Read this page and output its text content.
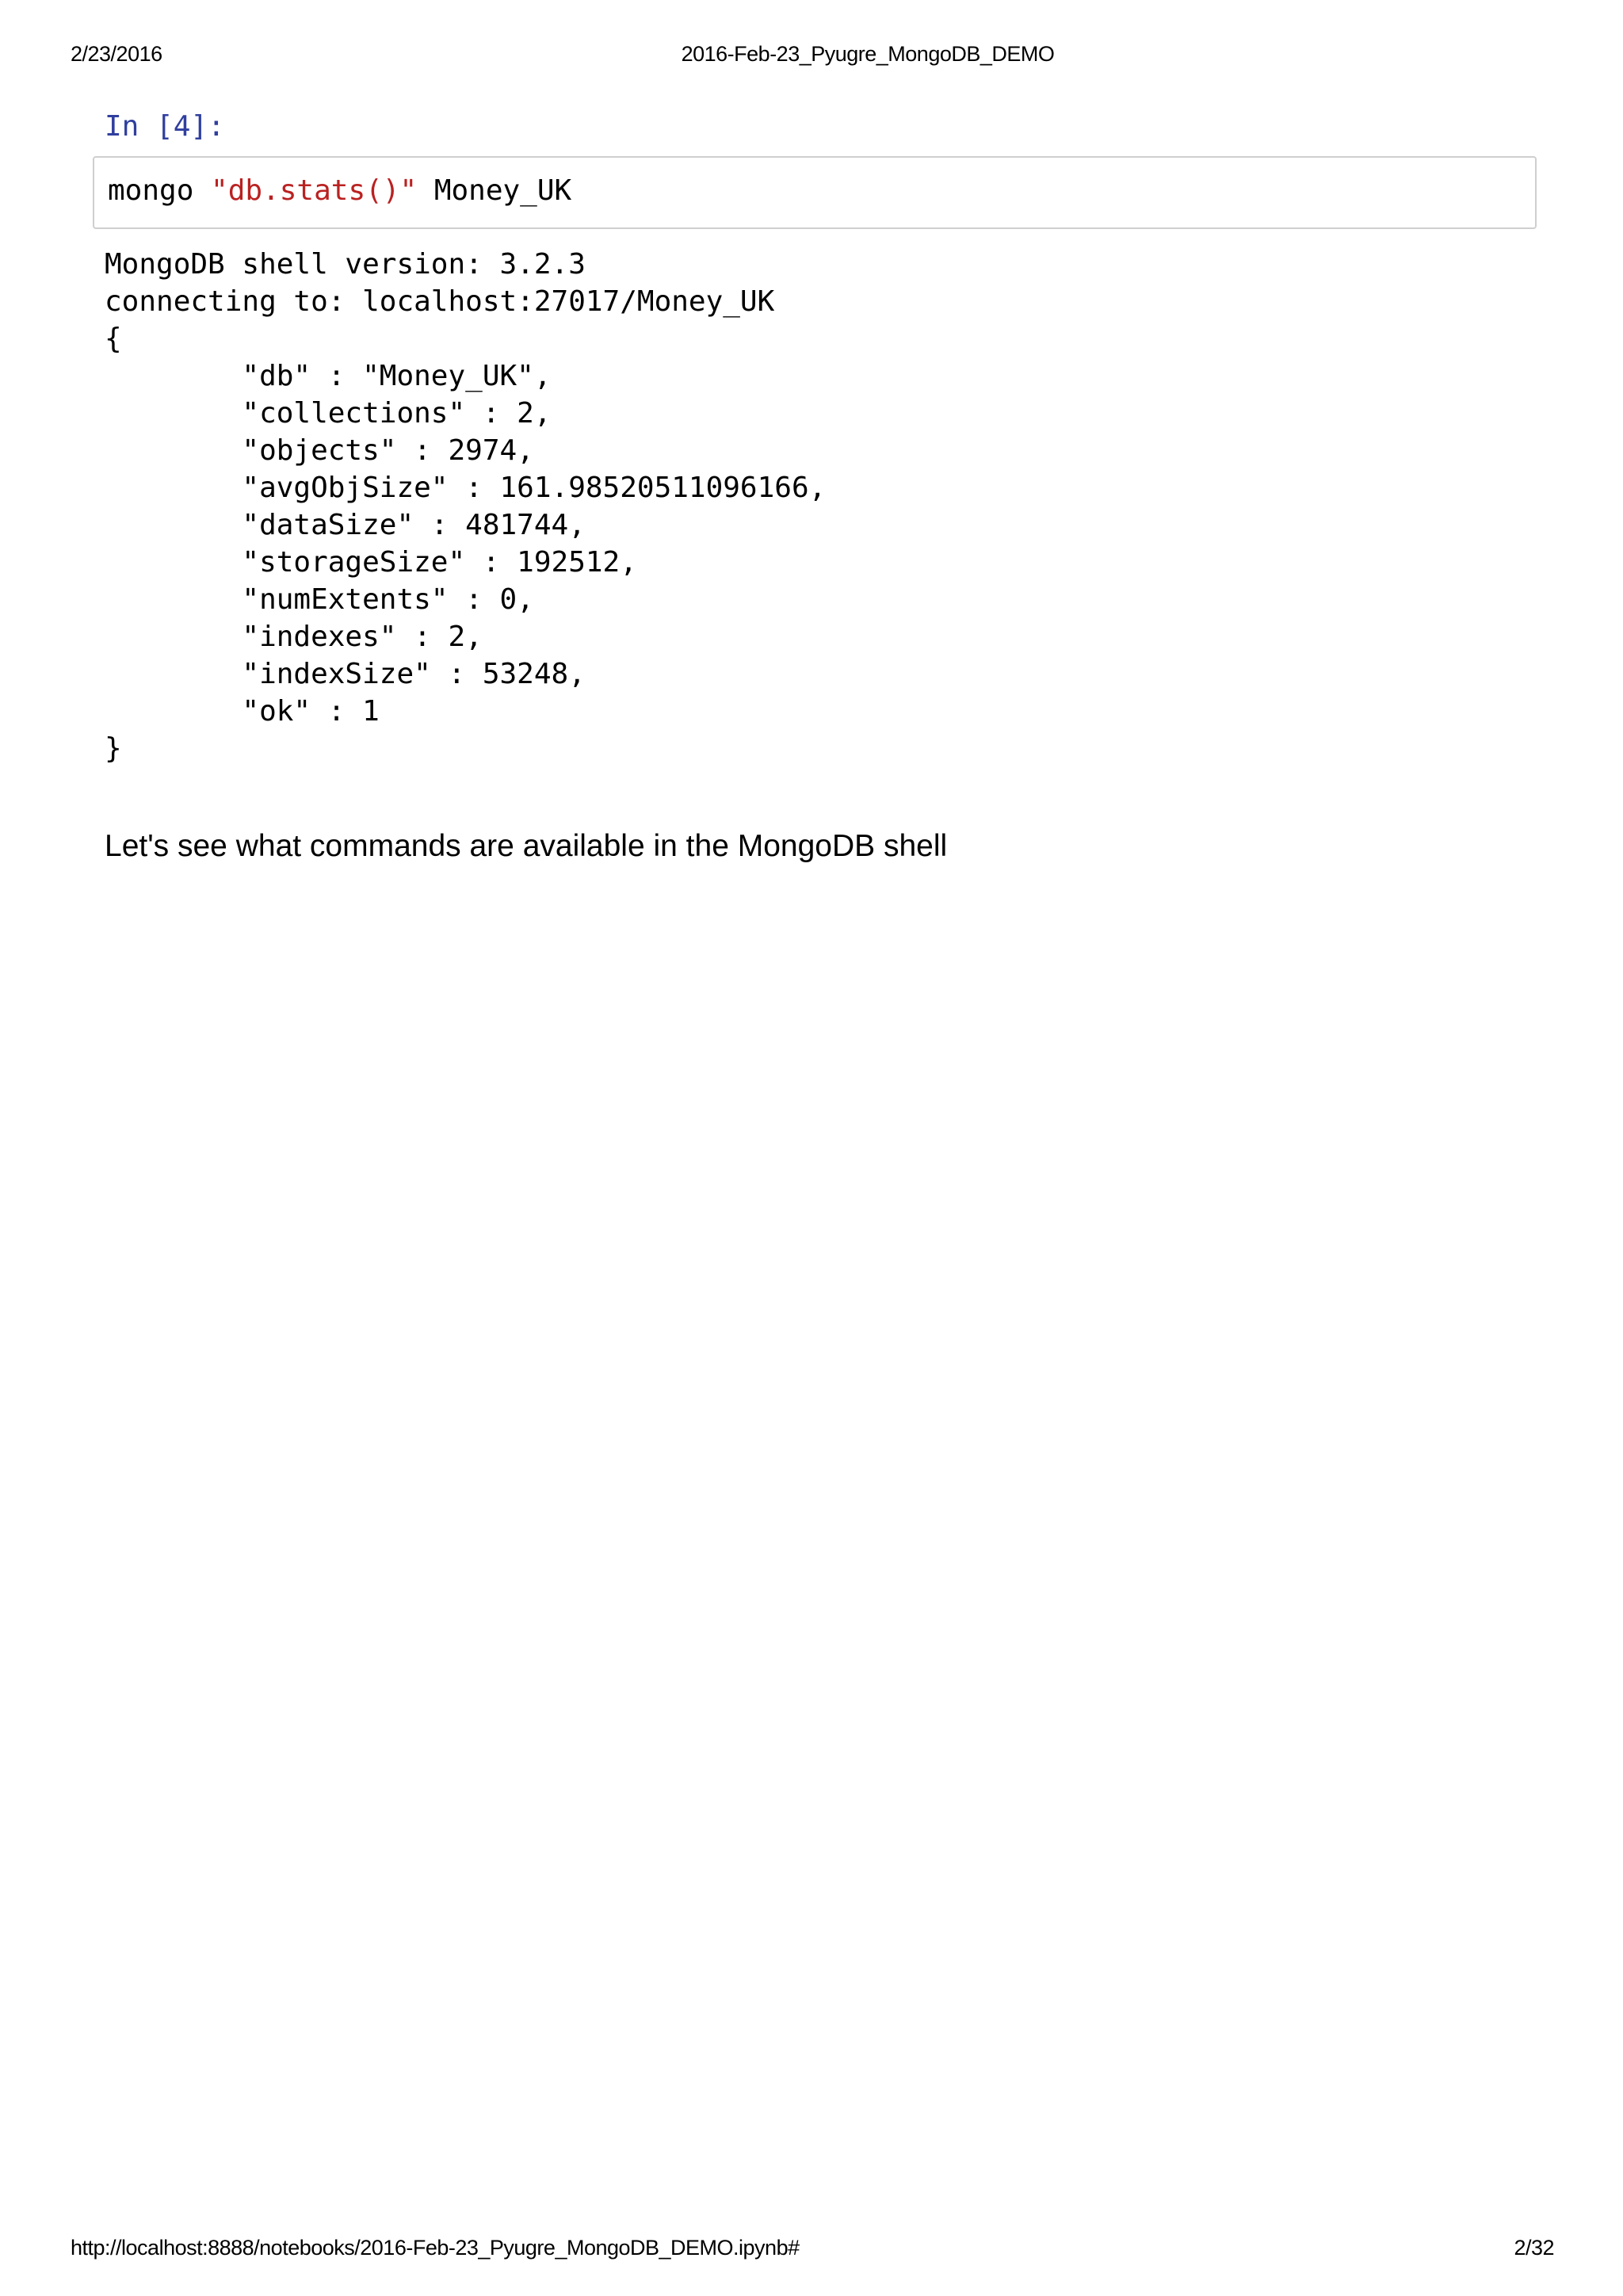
2/23/2016	2016-Feb-23_Pyugre_MongoDB_DEMO
In [4]:
mongo "db.stats()" Money_UK
MongoDB shell version: 3.2.3
connecting to: localhost:27017/Money_UK
{
"db" : "Money_UK",
"collections" : 2,
"objects" : 2974,
"avgObjSize" : 161.98520511096166,
"dataSize" : 481744,
"storageSize" : 192512,
"numExtents" : 0,
"indexes" : 2,
"indexSize" : 53248,
"ok" : 1
}
Let's see what commands are available in the MongoDB shell
http://localhost:8888/notebooks/2016-Feb-23_Pyugre_MongoDB_DEMO.ipynb#	2/32
